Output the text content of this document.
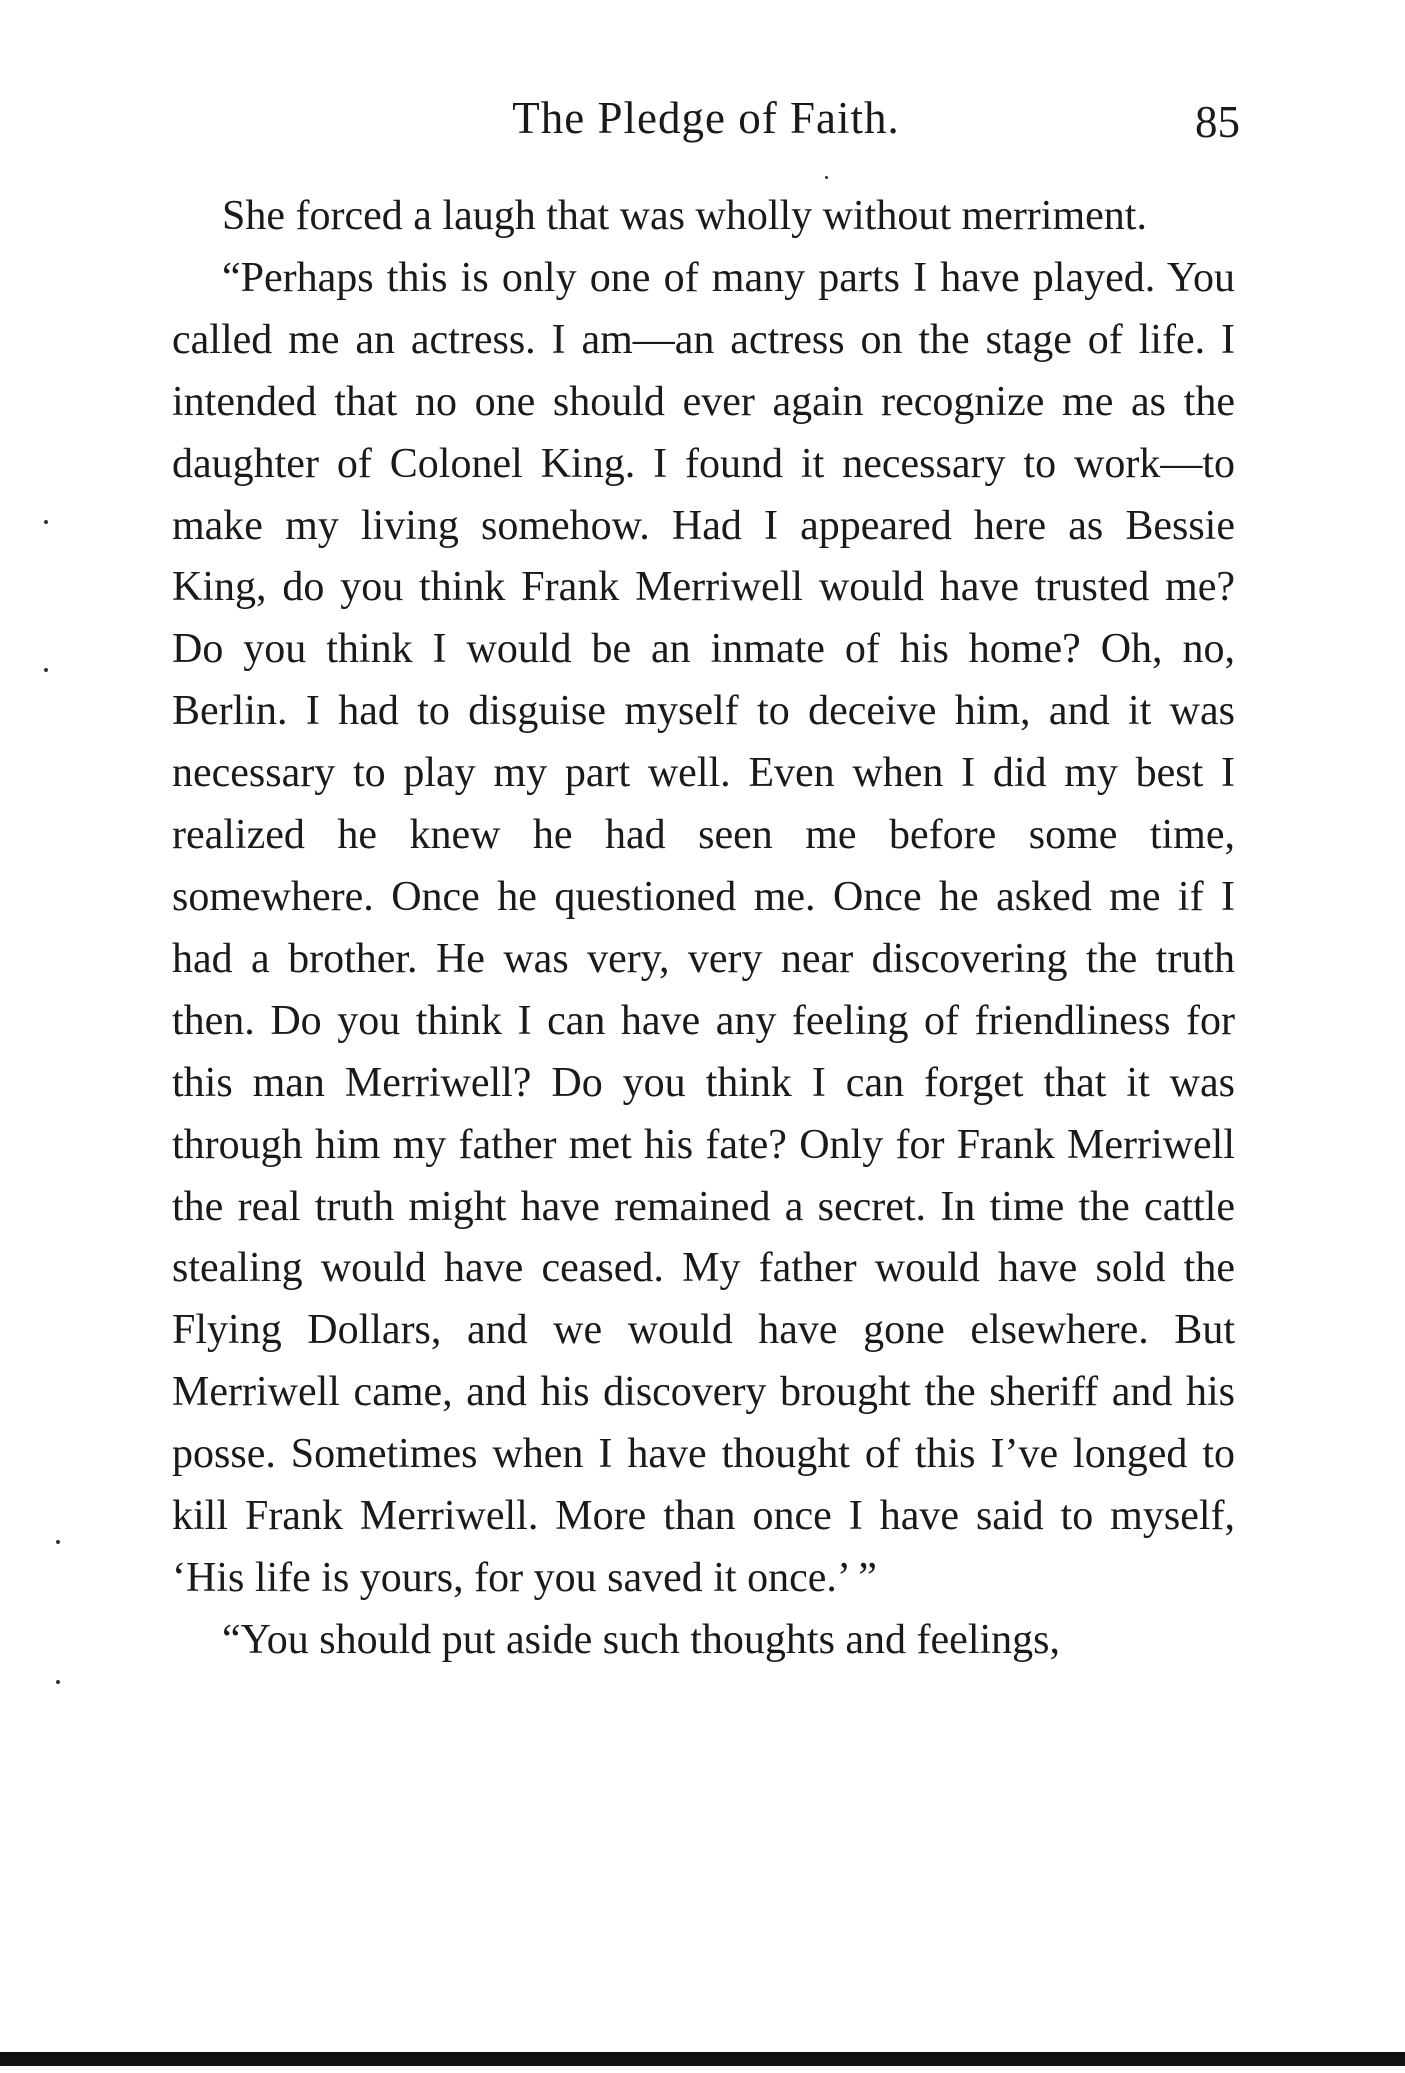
The Pledge of Faith.	85

She forced a laugh that was wholly without merriment.

“Perhaps this is only one of many parts I have played. You called me an actress. I am—an actress on the stage of life. I intended that no one should ever again recognize me as the daughter of Colonel King. I found it necessary to work—to make my living somehow. Had I appeared here as Bessie King, do you think Frank Merriwell would have trusted me? Do you think I would be an inmate of his home? Oh, no, Berlin. I had to disguise myself to deceive him, and it was necessary to play my part well. Even when I did my best I realized he knew he had seen me before some time, somewhere. Once he questioned me. Once he asked me if I had a brother. He was very, very near discovering the truth then. Do you think I can have any feeling of friendliness for this man Merriwell? Do you think I can forget that it was through him my father met his fate? Only for Frank Merriwell the real truth might have remained a secret. In time the cattle stealing would have ceased. My father would have sold the Flying Dollars, and we would have gone elsewhere. But Merriwell came, and his discovery brought the sheriff and his posse. Sometimes when I have thought of this I’ve longed to kill Frank Merriwell. More than once I have said to myself, ‘His life is yours, for you saved it once.’ ”

“You should put aside such thoughts and feelings,
